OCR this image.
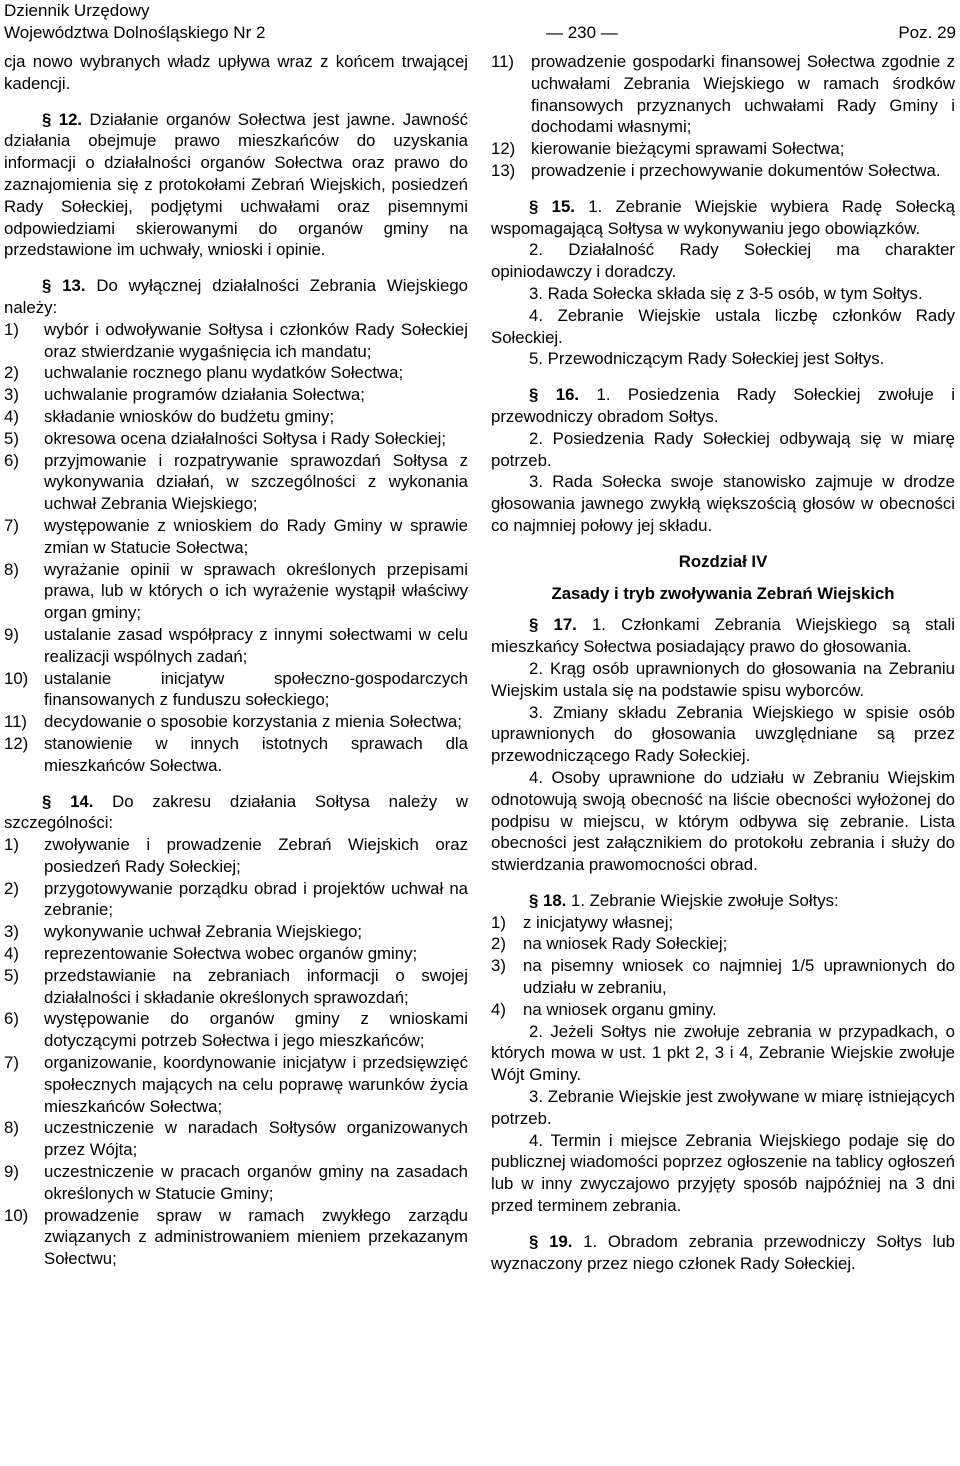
Dziennik Urzędowy
Województwa Dolnośląskiego Nr 2	— 230 —	Poz. 29

cja nowo wybranych władz upływa wraz z końcem trwającej kadencji.

§ 12. Działanie organów Sołectwa jest jawne. Jawność działania obejmuje prawo mieszkańców do uzyskania informacji o działalności organów Sołectwa oraz prawo do zaznajomienia się z protokołami Zebrań Wiejskich, posiedzeń Rady Sołeckiej, podjętymi uchwałami oraz pisemnymi odpowiedziami skierowanymi do organów gminy na przedstawione im uchwały, wnioski i opinie.

§ 13. Do wyłącznej działalności Zebrania Wiejskiego należy:

1)	wybór i odwoływanie Sołtysa i członków Rady Sołeckiej oraz stwierdzanie wygaśnięcia ich mandatu;
2)	uchwalanie rocznego planu wydatków Sołectwa;
3)	uchwalanie programów działania Sołectwa;
4)	składanie wniosków do budżetu gminy;
5)	okresowa ocena działalności Sołtysa i Rady Sołeckiej;
6)	przyjmowanie i rozpatrywanie sprawozdań Sołtysa z wykonywania działań, w szczególności z wykonania uchwał Zebrania Wiejskiego;
7)	występowanie z wnioskiem do Rady Gminy w sprawie zmian w Statucie Sołectwa;
8)	wyrażanie opinii w sprawach określonych przepisami prawa, lub w których o ich wyrażenie wystąpił właściwy organ gminy;
9)	ustalanie zasad współpracy z innymi sołectwami w celu realizacji wspólnych zadań;
10) ustalanie inicjatyw społeczno-gospodarczych finansowanych z funduszu sołeckiego;
11)	decydowanie o sposobie korzystania z mienia Sołectwa;
12) stanowienie w innych istotnych sprawach dla mieszkańców Sołectwa.

§ 14. Do zakresu działania Sołtysa należy w szczególności:

1)	zwoływanie i prowadzenie Zebrań Wiejskich oraz posiedzeń Rady Sołeckiej;
2)	przygotowywanie porządku obrad i projektów uchwał na zebranie;
3)	wykonywanie uchwał Zebrania Wiejskiego;
4)	reprezentowanie Sołectwa wobec organów gminy;
5)	przedstawianie na zebraniach informacji o swojej działalności i składanie określonych sprawozdań;
6)	występowanie do organów gminy z wnioskami dotyczącymi potrzeb Sołectwa i jego mieszkańców;
7)	organizowanie, koordynowanie inicjatyw i przedsięwzięć społecznych mających na celu poprawę warunków życia mieszkańców Sołectwa;
8)	uczestniczenie w naradach Sołtysów organizowanych przez Wójta;
9)	uczestniczenie w pracach organów gminy na zasadach określonych w Statucie Gminy;
10) prowadzenie spraw w ramach zwykłego zarządu związanych z administrowaniem mieniem przekazanym Sołectwu;
11)	prowadzenie gospodarki finansowej Sołectwa zgodnie z uchwałami Zebrania Wiejskiego w ramach środków finansowych przyznanych uchwałami Rady Gminy i dochodami własnymi;
12) kierowanie bieżącymi sprawami Sołectwa;
13) prowadzenie i przechowywanie dokumentów Sołectwa.

§ 15. 1. Zebranie Wiejskie wybiera Radę Sołecką wspomagającą Sołtysa w wykonywaniu jego obowiązków.

2. Działalność Rady Sołeckiej ma charakter opiniodawczy i doradczy.

3. Rada Sołecka składa się z 3-5 osób, w tym Sołtys.

4. Zebranie Wiejskie ustala liczbę członków Rady Sołeckiej.

5. Przewodniczącym Rady Sołeckiej jest Sołtys.

§ 16. 1. Posiedzenia Rady Sołeckiej zwołuje i przewodniczy obradom Sołtys.

2. Posiedzenia Rady Sołeckiej odbywają się w miarę potrzeb.

3. Rada Sołecka swoje stanowisko zajmuje w drodze głosowania jawnego zwykłą większością głosów w obecności co najmniej połowy jej składu.

Rozdział IV
Zasady i tryb zwoływania Zebrań Wiejskich

§ 17. 1. Członkami Zebrania Wiejskiego są stali mieszkańcy Sołectwa posiadający prawo do głosowania.

2. Krąg osób uprawnionych do głosowania na Zebraniu Wiejskim ustala się na podstawie spisu wyborców.

3. Zmiany składu Zebrania Wiejskiego w spisie osób uprawnionych do głosowania uwzględniane są przez przewodniczącego Rady Sołeckiej.

4. Osoby uprawnione do udziału w Zebraniu Wiejskim odnotowują swoją obecność na liście obecności wyłożonej do podpisu w miejscu, w którym odbywa się zebranie. Lista obecności jest załącznikiem do protokołu zebrania i służy do stwierdzania prawomocności obrad.

§ 18. 1. Zebranie Wiejskie zwołuje Sołtys:

1)	z inicjatywy własnej;
2)	na wniosek Rady Sołeckiej;
3)	na pisemny wniosek co najmniej 1/5 uprawnionych do udziału w zebraniu,
4)	na wniosek organu gminy.

2. Jeżeli Sołtys nie zwołuje zebrania w przypadkach, o których mowa w ust. 1 pkt 2, 3 i 4, Zebranie Wiejskie zwołuje Wójt Gminy.

3. Zebranie Wiejskie jest zwoływane w miarę istniejących potrzeb.

4. Termin i miejsce Zebrania Wiejskiego podaje się do publicznej wiadomości poprzez ogłoszenie na tablicy ogłoszeń lub w inny zwyczajowo przyjęty sposób najpóźniej na 3 dni przed terminem zebrania.

§ 19. 1. Obradom zebrania przewodniczy Sołtys lub wyznaczony przez niego członek Rady Sołeckiej.
